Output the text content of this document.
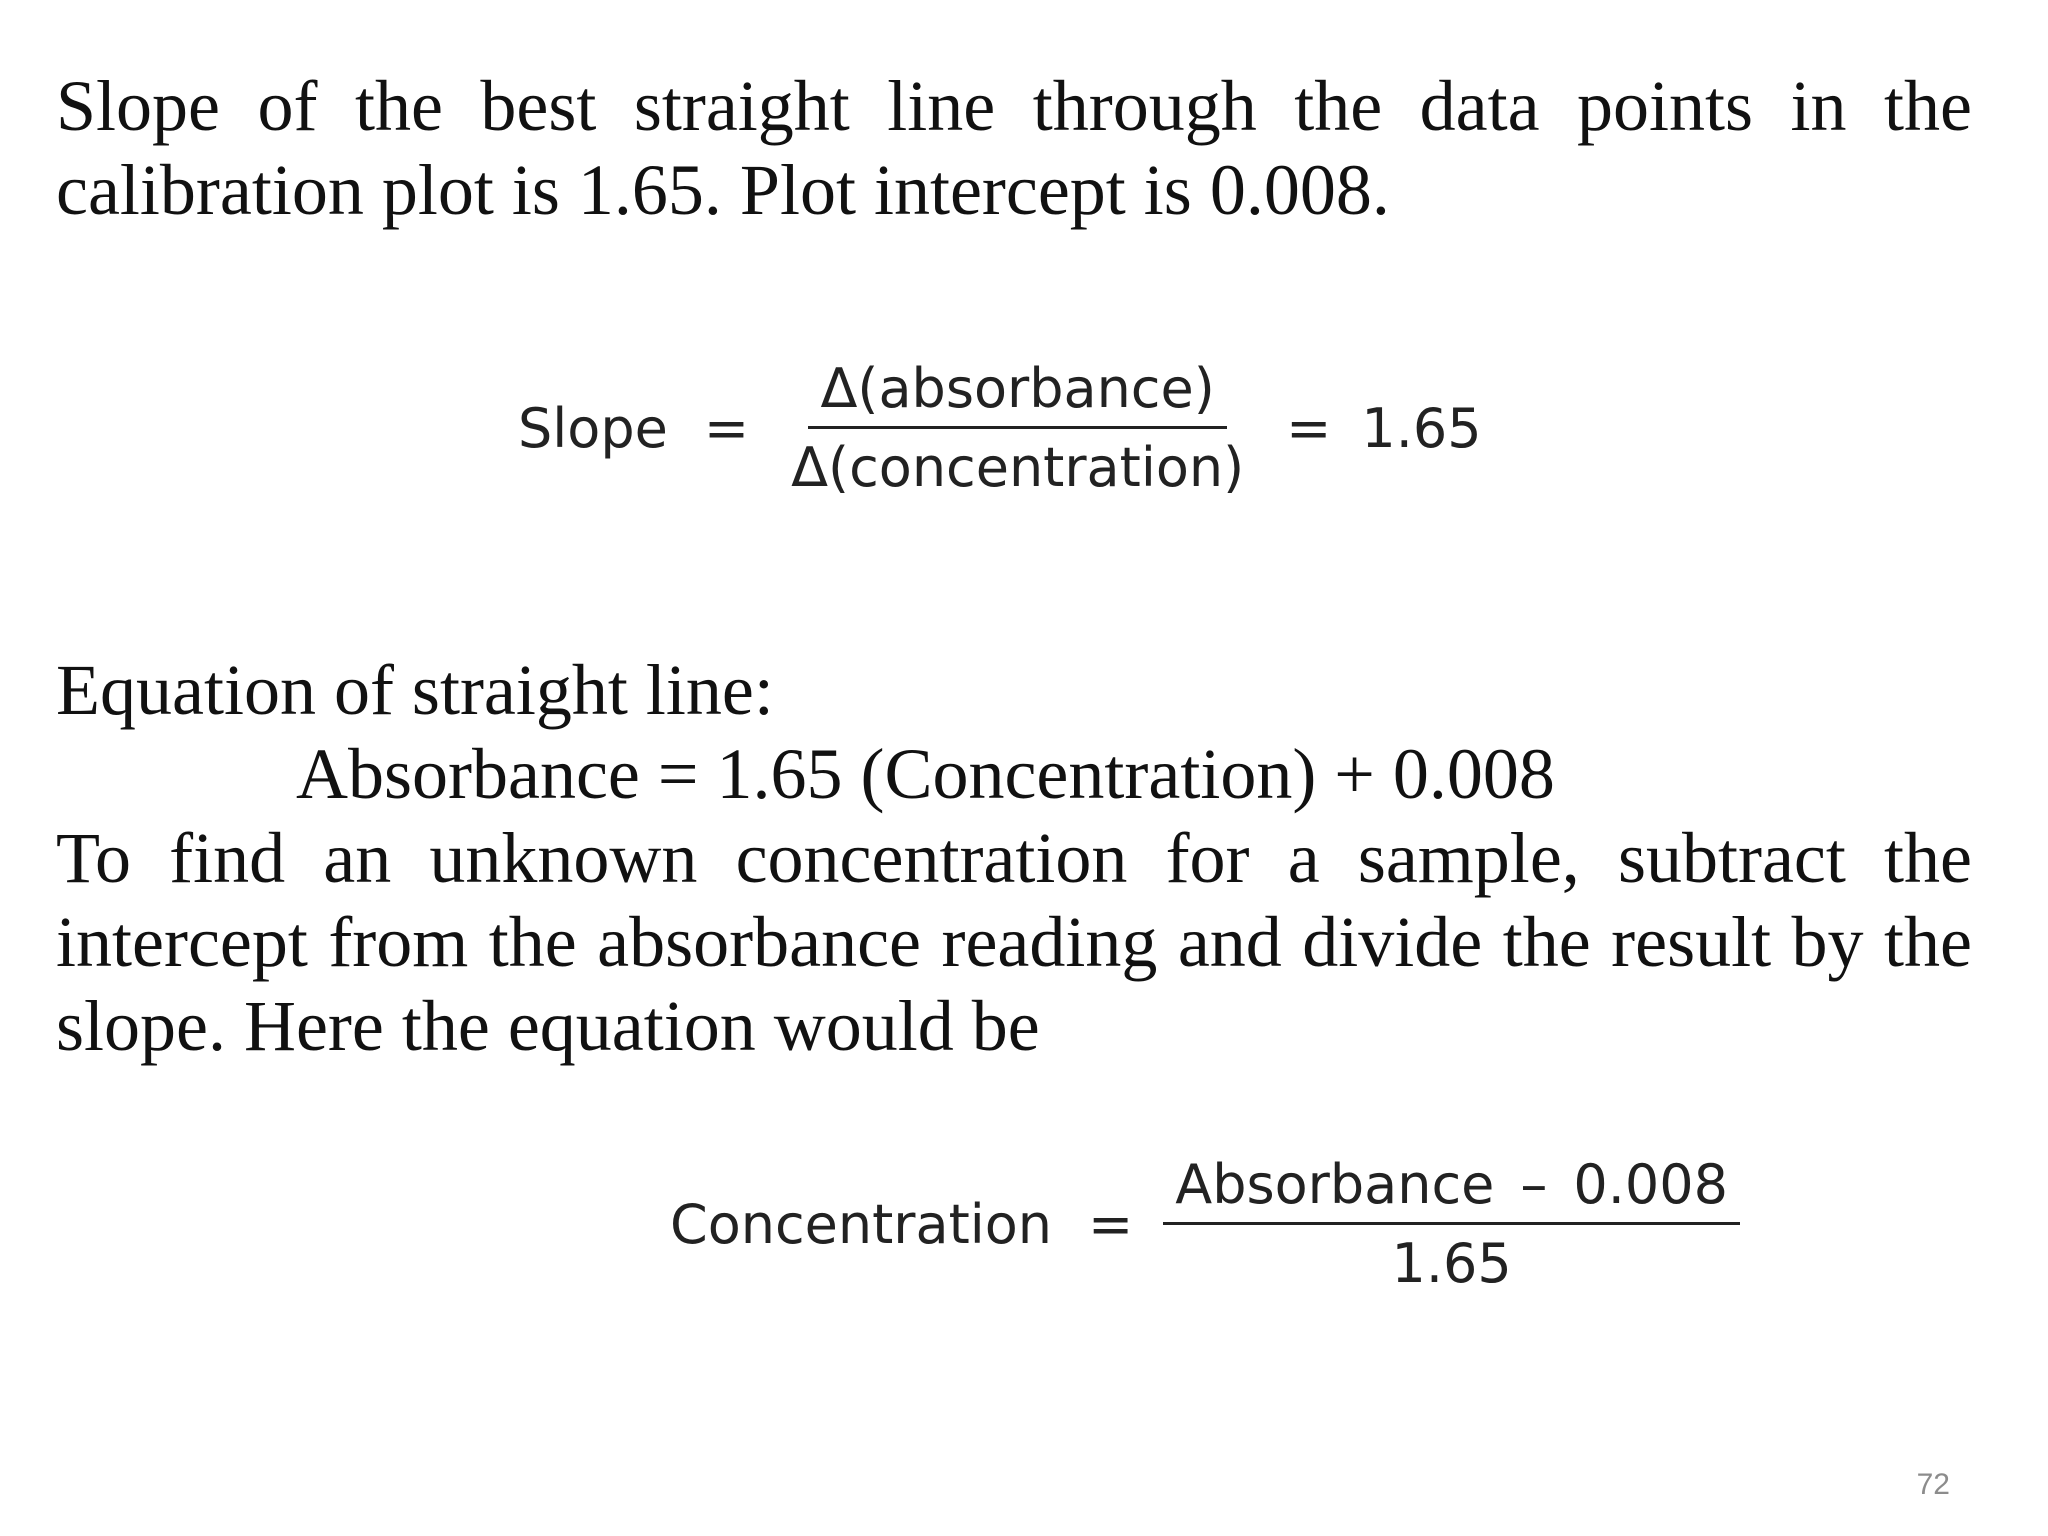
Slope of the best straight line through the data points in the calibration plot is 1.65. Plot intercept is 0.008.
Slope = $\frac{\text{Δ(absorbance)}}{\text{Δ(concentration)}} = 1.65$
Equation of straight line:
Absorbance = 1.65 (Concentration) + 0.008
To find an unknown concentration for a sample, subtract the intercept from the absorbance reading and divide the result by the slope. Here the equation would be
Concentration = $\frac{\text{Absorbance – 0.008}}{1.65}$
72
